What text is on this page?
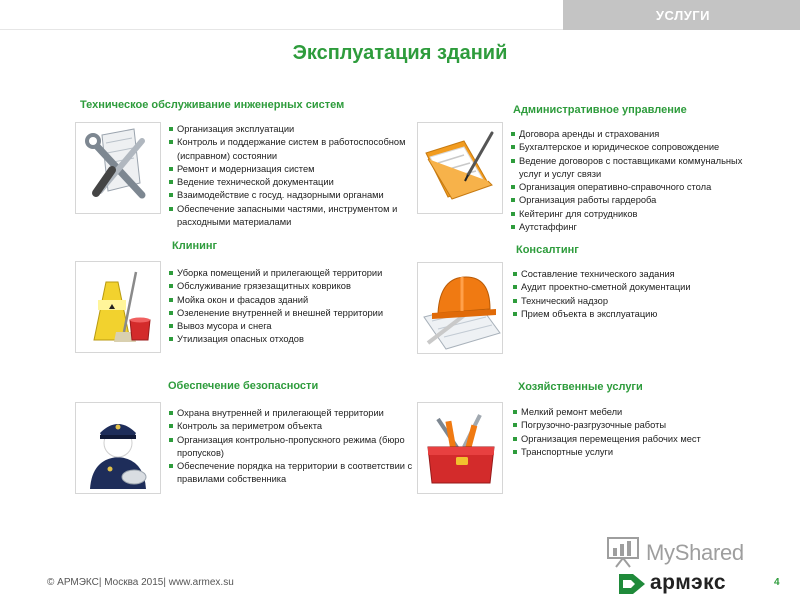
УСЛУГИ
Эксплуатация зданий
Техническое обслуживание инженерных систем
Организация эксплуатации
Контроль и поддержание систем в работоспособном (исправном) состоянии
Ремонт и модернизация систем
Ведение технической документации
Взаимодействие с госуд. надзорными органами
Обеспечение запасными частями, инструментом и расходными материалами
Административное управление
Договора аренды и страхования
Бухгалтерское и юридическое сопровождение
Ведение договоров с поставщиками коммунальных услуг и услуг связи
Организация оперативно-справочного стола
Организация работы гардероба
Кейтеринг для сотрудников
Аутстаффинг
Клининг
Уборка помещений и прилегающей территории
Обслуживание грязезащитных ковриков
Мойка окон и фасадов зданий
Озеленение внутренней и внешней территории
Вывоз мусора и снега
Утилизация опасных отходов
Консалтинг
Составление технического задания
Аудит проектно-сметной документации
Технический надзор
Прием объекта в эксплуатацию
Обеспечение безопасности
Охрана внутренней и прилегающей территории
Контроль за периметром объекта
Организация контрольно-пропускного режима (бюро пропусков)
Обеспечение порядка на территории в соответствии с правилами собственника
Хозяйственные услуги
Мелкий ремонт мебели
Погрузочно-разгрузочные работы
Организация перемещения рабочих мест
Транспортные услуги
MyShared
армэкс
© АРМЭКС| Москва 2015| www.armex.su	4
